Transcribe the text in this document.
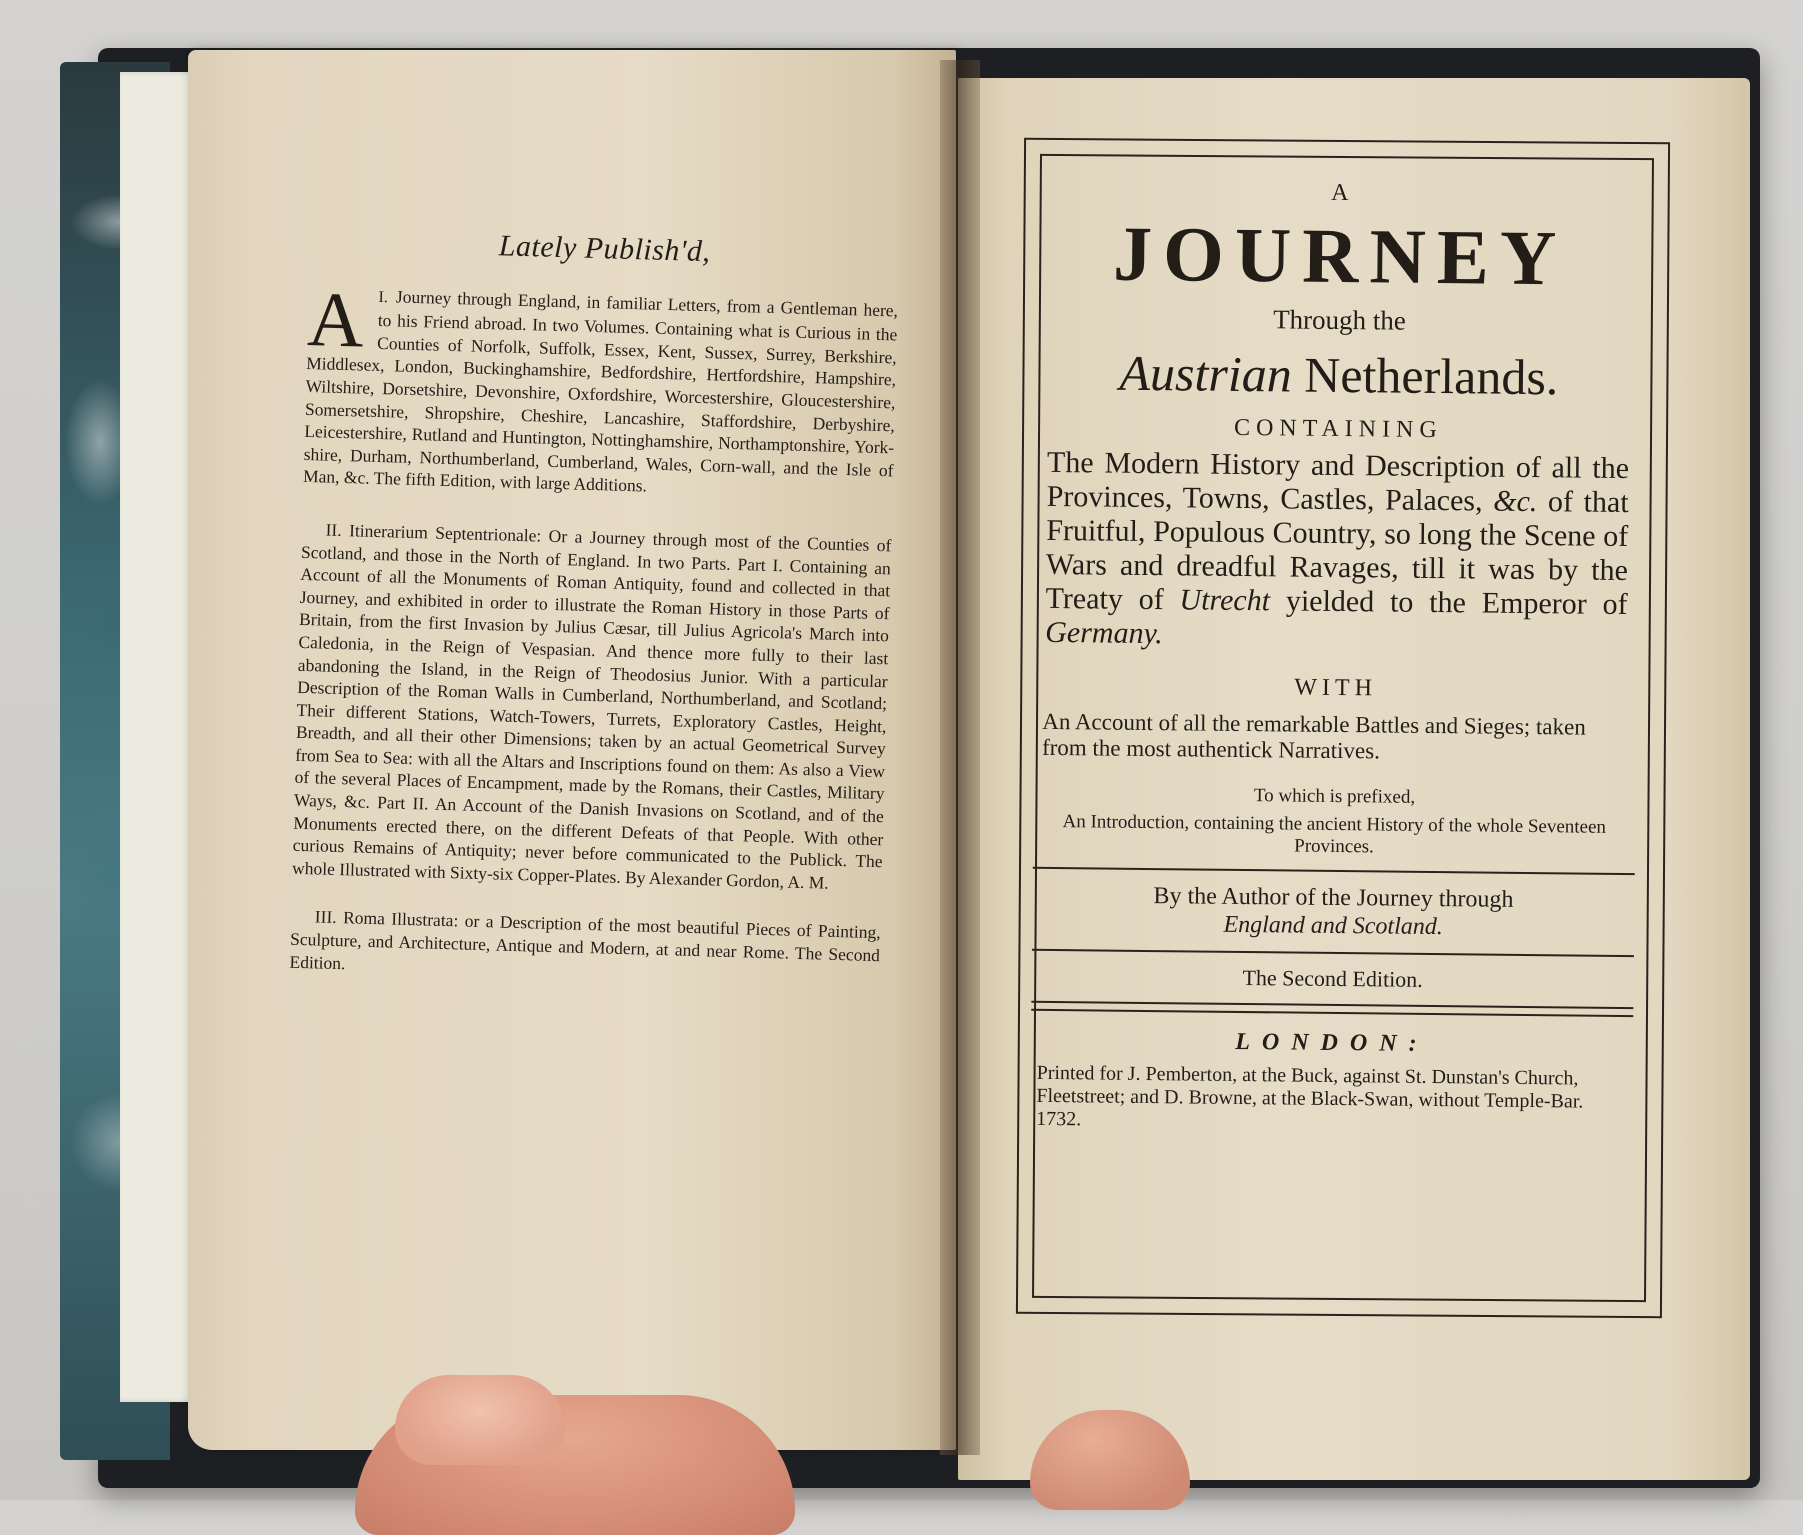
Lately Publish'd,
I.
A Journey through England, in familiar Letters, from a Gentleman here, to his Friend abroad. In two Volumes. Containing what is Curious in the Counties of Norfolk, Suffolk, Essex, Kent, Sussex, Surrey, Berkshire, Middlesex, London, Buckinghamshire, Bedfordshire, Hertfordshire, Hampshire, Wiltshire, Dorsetshire, Devonshire, Oxfordshire, Worcestershire, Gloucestershire, Somersetshire, Shropshire, Cheshire, Lancashire, Staffordshire, Derbyshire, Leicestershire, Rutland and Huntington, Nottinghamshire, Northamptonshire, York-shire, Durham, Northumberland, Cumberland, Wales, Corn-wall, and the Isle of Man, &c. The fifth Edition, with large Additions.
II. Itinerarium Septentrionale: Or a Journey through most of the Counties of Scotland, and those in the North of England. In two Parts. Part I. Containing an Account of all the Monuments of Roman Antiquity, found and collected in that Journey, and exhibited in order to illustrate the Roman History in those Parts of Britain, from the first Invasion by Julius Cæsar, till Julius Agricola's March into Caledonia, in the Reign of Vespasian. And thence more fully to their last abandoning the Island, in the Reign of Theodosius Junior. With a particular Description of the Roman Walls in Cumberland, Northumberland, and Scotland; Their different Stations, Watch-Towers, Turrets, Exploratory Castles, Height, Breadth, and all their other Dimensions; taken by an actual Geometrical Survey from Sea to Sea: with all the Altars and Inscriptions found on them: As also a View of the several Places of Encampment, made by the Romans, their Castles, Military Ways, &c. Part II. An Account of the Danish Invasions on Scotland, and of the Monuments erected there, on the different Defeats of that People. With other curious Remains of Antiquity; never before communicated to the Publick. The whole Illustrated with Sixty-six Copper-Plates. By Alexander Gordon, A. M.
III. Roma Illustrata: or a Description of the most beautiful Pieces of Painting, Sculpture, and Architecture, Antique and Modern, at and near Rome. The Second Edition.
A
JOURNEY
Through the
Austrian Netherlands.
CONTAINING
The Modern History and Description of all the Provinces, Towns, Castles, Palaces, &c. of that Fruitful, Populous Country, so long the Scene of Wars and dreadful Ravages, till it was by the Treaty of Utrecht yielded to the Emperor of Germany.
WITH
An Account of all the remarkable Battles and Sieges; taken from the most authentick Narratives.
To which is prefixed,
An Introduction, containing the ancient History of the whole Seventeen Provinces.
By the Author of the Journey through
England and Scotland.
The Second Edition.
LONDON:
Printed for J. Pemberton, at the Buck, against St. Dunstan's Church, Fleetstreet; and D. Browne, at the Black-Swan, without Temple-Bar. 1732.
